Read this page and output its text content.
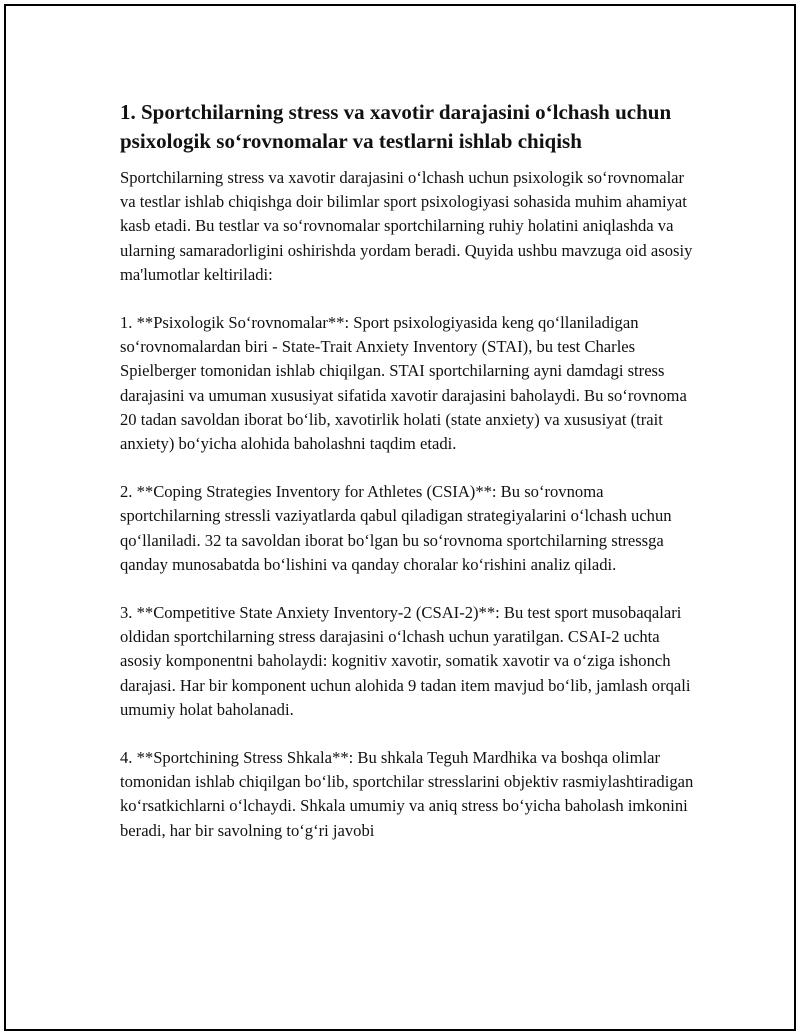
1. Sportchilarning stress va xavotir darajasini o‘lchash uchun psixologik so‘rovnomalar va testlarni ishlab chiqish

Sportchilarning stress va xavotir darajasini o‘lchash uchun psixologik so‘rovnomalar va testlar ishlab chiqishga doir bilimlar sport psixologiyasi sohasida muhim ahamiyat kasb etadi. Bu testlar va so‘rovnomalar sportchilarning ruhiy holatini aniqlashda va ularning samaradorligini oshirishda yordam beradi. Quyida ushbu mavzuga oid asosiy ma'lumotlar keltiriladi:

1. **Psixologik So‘rovnomalar**: Sport psixologiyasida keng qo‘llaniladigan so‘rovnomalardan biri - State-Trait Anxiety Inventory (STAI), bu test Charles Spielberger tomonidan ishlab chiqilgan. STAI sportchilarning ayni damdagi stress darajasini va umuman xususiyat sifatida xavotir darajasini baholaydi. Bu so‘rovnoma 20 tadan savoldan iborat bo‘lib, xavotirlik holati (state anxiety) va xususiyat (trait anxiety) bo‘yicha alohida baholashni taqdim etadi.

2. **Coping Strategies Inventory for Athletes (CSIA)**: Bu so‘rovnoma sportchilarning stressli vaziyatlarda qabul qiladigan strategiyalarini o‘lchash uchun qo‘llaniladi. 32 ta savoldan iborat bo‘lgan bu so‘rovnoma sportchilarning stressga qanday munosabatda bo‘lishini va qanday choralar ko‘rishini analiz qiladi.

3. **Competitive State Anxiety Inventory-2 (CSAI-2)**: Bu test sport musobaqalari oldidan sportchilarning stress darajasini o‘lchash uchun yaratilgan. CSAI-2 uchta asosiy komponentni baholaydi: kognitiv xavotir, somatik xavotir va o‘ziga ishonch darajasi. Har bir komponent uchun alohida 9 tadan item mavjud bo‘lib, jamlash orqali umumiy holat baholanadi.

4. **Sportchining Stress Shkala**: Bu shkala Teguh Mardhika va boshqa olimlar tomonidan ishlab chiqilgan bo‘lib, sportchilar stresslarini objektiv rasmiylashtiradigan ko‘rsatkichlarni o‘lchaydi. Shkala umumiy va aniq stress bo‘yicha baholash imkonini beradi, har bir savolning to‘g‘ri javobi
